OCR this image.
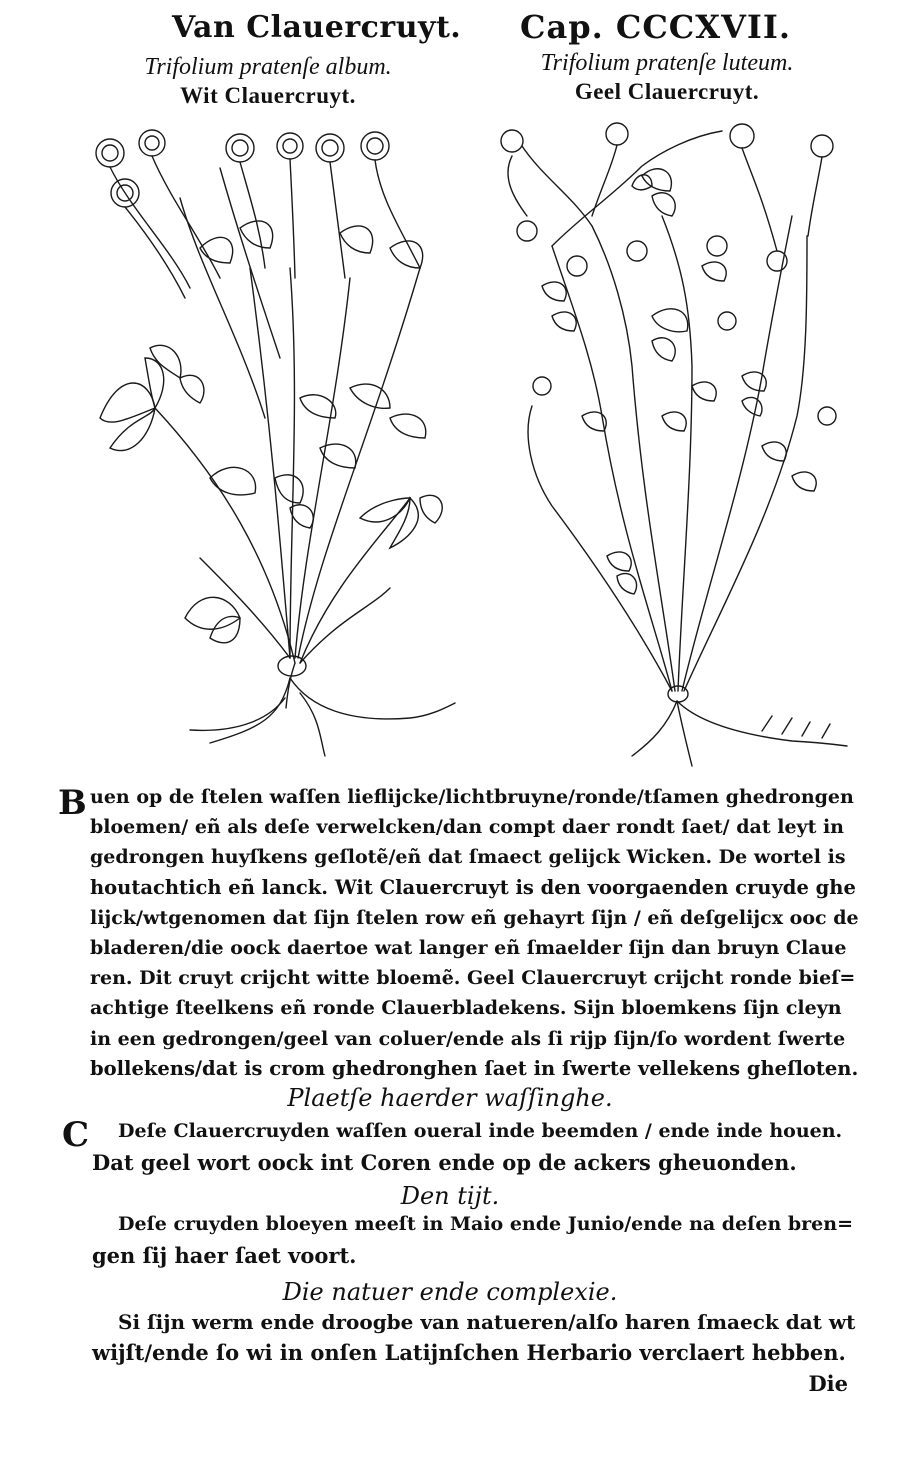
Van Clauercruyt. Cap. CCCXVII.
Trifolium pratenſe album.
Wit Clauercruyt.
Trifolium pratenſe luteum.
Geel Clauercruyt.
B uen op de ſtelen waſſen lieflijcke/lichtbruyne/ronde/tſamen ghedrongen
bloemen/ eñ als deſe verwelcken/dan compt daer rondt ſaet/ dat leyt in
gedrongen huyſkens geſlotẽ/eñ dat ſmaect gelijck Wicken. De wortel is
houtachtich eñ lanck. Wit Clauercruyt is den voorgaenden cruyde ghe
lijck/wtgenomen dat ſijn ſtelen row eñ gehayrt ſijn / eñ deſgelijcx ooc de
bladeren/die oock daertoe wat langer eñ ſmaelder ſijn dan bruyn Claue
ren. Dit cruyt crijcht witte bloemẽ. Geel Clauercruyt crijcht ronde bieſ=
achtige ſteelkens eñ ronde Clauerbladekens. Sijn bloemkens ſijn cleyn
in een gedrongen/geel van coluer/ende als ſi rijp ſijn/ſo wordent ſwerte
bollekens/dat is crom ghedronghen ſaet in ſwerte vellekens gheſloten.
Plaetſe haerder waſſinghe.
C Deſe Clauercruyden waſſen oueral inde beemden / ende inde houen.
Dat geel wort oock int Coren ende op de ackers gheuonden.
Den tijt.
Deſe cruyden bloeyen meeſt in Maio ende Junio/ende na deſen bren=
gen ſij haer ſaet voort.
Die natuer ende complexie.
Si ſijn werm ende droogbe van natueren/alſo haren ſmaeck dat wt
wijſt/ende ſo wi in onſen Latijnſchen Herbario verclaert hebben.
Die
